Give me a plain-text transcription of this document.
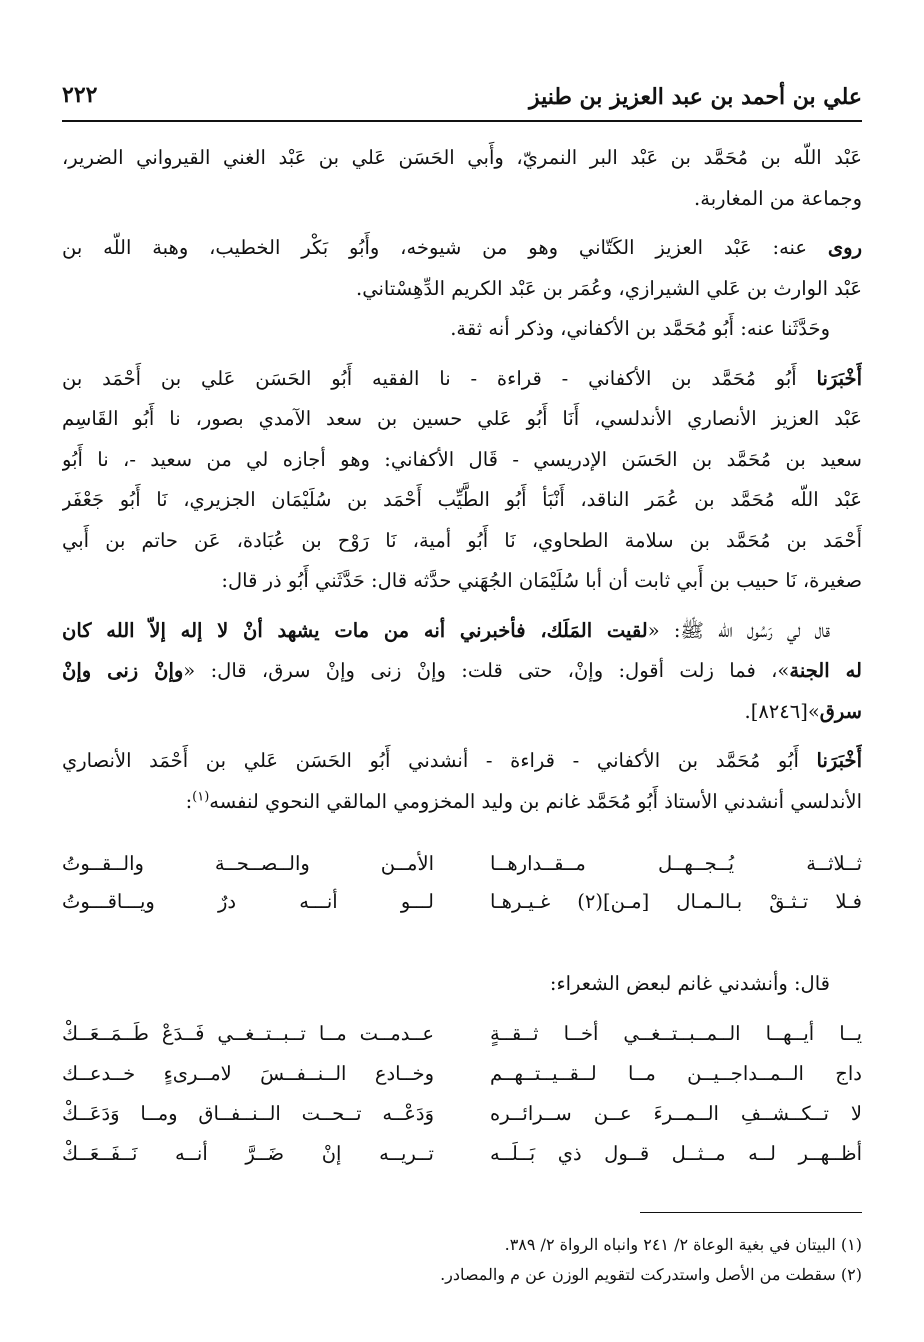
علي بن أحمد بن عبد العزيز بن طنيز
٢٢٢
عَبْد اللّه بن مُحَمَّد بن عَبْد البر النمريّ، وأَبي الحَسَن عَلي بن عَبْد الغني القيرواني الضرير،
وجماعة من المغاربة.
روى عنه: عَبْد العزيز الكَتّاني وهو من شيوخه، وأَبُو بَكْر الخطيب، وهبة اللّه بن
عَبْد الوارث بن عَلي الشيرازي، وعُمَر بن عَبْد الكريم الدِّهِسْتاني.
وحَدَّثَنا عنه: أَبُو مُحَمَّد بن الأكفاني، وذكر أنه ثقة.
أَخْبَرَنا أَبُو مُحَمَّد بن الأكفاني - قراءة - نا الفقيه أَبُو الحَسَن عَلي بن أَحْمَد بن
عَبْد العزيز الأنصاري الأندلسي، أَنَا أَبُو عَلي حسين بن سعد الآمدي بصور، نا أَبُو القَاسِم
سعيد بن مُحَمَّد بن الحَسَن الإدريسي - قَال الأكفاني: وهو أجازه لي من سعيد -، نا أَبُو
عَبْد اللّه مُحَمَّد بن عُمَر الناقد، أَنْبَأ أَبُو الطَّيِّب أَحْمَد بن سُلَيْمَان الجزيري، نَا أَبُو جَعْفَر
أَحْمَد بن مُحَمَّد بن سلامة الطحاوي، نَا أَبُو أمية، نَا رَوْح بن عُبَادة، عَن حاتم بن أَبي
صغيرة، نَا حبيب بن أَبي ثابت أن أبا سُلَيْمَان الجُهَني حدَّثه قال: حَدَّثَني أَبُو ذر قال:
قال لي رَسُول اللّه ﷺ: «لقيت المَلَك، فأخبرني أنه من مات يشهد أنْ لا إله إلاّ الله كان
له الجنة»، فما زلت أقول: وإنْ، حتى قلت: وإنْ زنى وإنْ سرق، قال: «وإنْ زنى وإنْ
سرق»[٨٢٤٦].
أَخْبَرَنا أَبُو مُحَمَّد بن الأكفاني - قراءة - أنشدني أَبُو الحَسَن عَلي بن أَحْمَد الأنصاري
الأندلسي أنشدني الأستاذ أَبُو مُحَمَّد غانم بن وليد المخزومي المالقي النحوي لنفسه$^{(١)}$:
ثــلاثــة يُــجــهــل مــقــدارهــا
الأمــن والــصــحــة والــقــوتُ
فـلا تـثـقْ بـالـمـال [مـن](٢) غـيـرهـا
لـــو أنـــه درٌ ويـــاقـــوتُ
قال: وأنشدني غانم لبعض الشعراء:
يــا أيــهــا الــمــبــتــغــي أخــا ثــقــةٍ
عــدمــت مــا تــبــتــغــي فَــدَعْ طَــمَــعَــكْ
داج الــمــداجــيــن مــا لــقــيــتــهــم
وخــادع الــنــفــسَ لامــرىءٍ خــدعــك
لا تــكــشــفِ الــمــرءَ عــن ســرائــره
وَدَعْــه تــحــت الــنــفــاق ومــا وَدَعَــكْ
أظــهــر لــه مــثــل قــول ذي بَــلَــه
تــريــه إنْ ضَــرَّ أنــه نَــفَــعَــكْ
(١) البيتان في بغية الوعاة ٢/ ٢٤١ وانباه الرواة ٢/ ٣٨٩.
(٢) سقطت من الأصل واستدركت لتقويم الوزن عن م والمصادر.
